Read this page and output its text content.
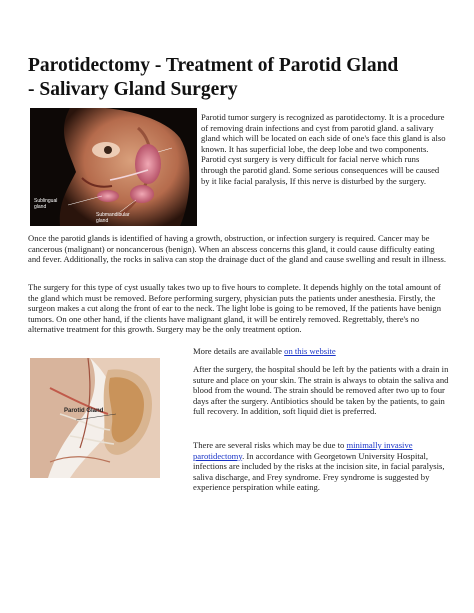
Parotidectomy - Treatment of Parotid Gland
- Salivary Gland Surgery
Sublingual
gland
Submandibular
gland

Parotid tumor surgery is recognized as parotidectomy. It is a procedure of removing drain infections and cyst from parotid gland. a salivary gland which will be located on each side of one's face this gland is also known. It has superficial lobe, the deep lobe and two components. Parotid cyst surgery is very difficult for facial nerve which runs through the parotid gland. Some serious consequences will be caused by it like facial paralysis, If this nerve is disturbed by the surgery.

Once the parotid glands is identified of having a growth, obstruction, or infection surgery is required. Cancer may be cancerous (malignant) or noncancerous (benign). When an abscess concerns this gland, it could cause difficulty eating and fever. Additionally, the rocks in saliva can stop the drainage duct of the gland and cause swelling and result in illness.

The surgery for this type of cyst usually takes two up to five hours to complete. It depends highly on the total amount of the gland which must be removed. Before performing surgery, physician puts the patients under anesthesia. Firstly, the surgeon makes a cut along the front of ear to the neck. The light lobe is going to be removed, If the patients have benign tumors. On one other hand, if the clients have malignant gland, it will be entirely removed. Regrettably, there's no alternative treatment for this growth. Surgery may be the only treatment option.

More details are available on this website

Parotid Gland

After the surgery, the hospital should be left by the patients with a drain in suture and place on your skin. The strain is always to obtain the saliva and blood from the wound. The strain should be removed after two up to four days after the surgery. Antibiotics should be taken by the patients, to gain full recovery. In addition, soft liquid diet is preferred.

There are several risks which may be due to minimally invasive parotidectomy. In accordance with Georgetown University Hospital, infections are included by the risks at the incision site, in facial paralysis, saliva discharge, and Frey syndrome. Frey syndrome is suggested by experience perspiration while eating.
